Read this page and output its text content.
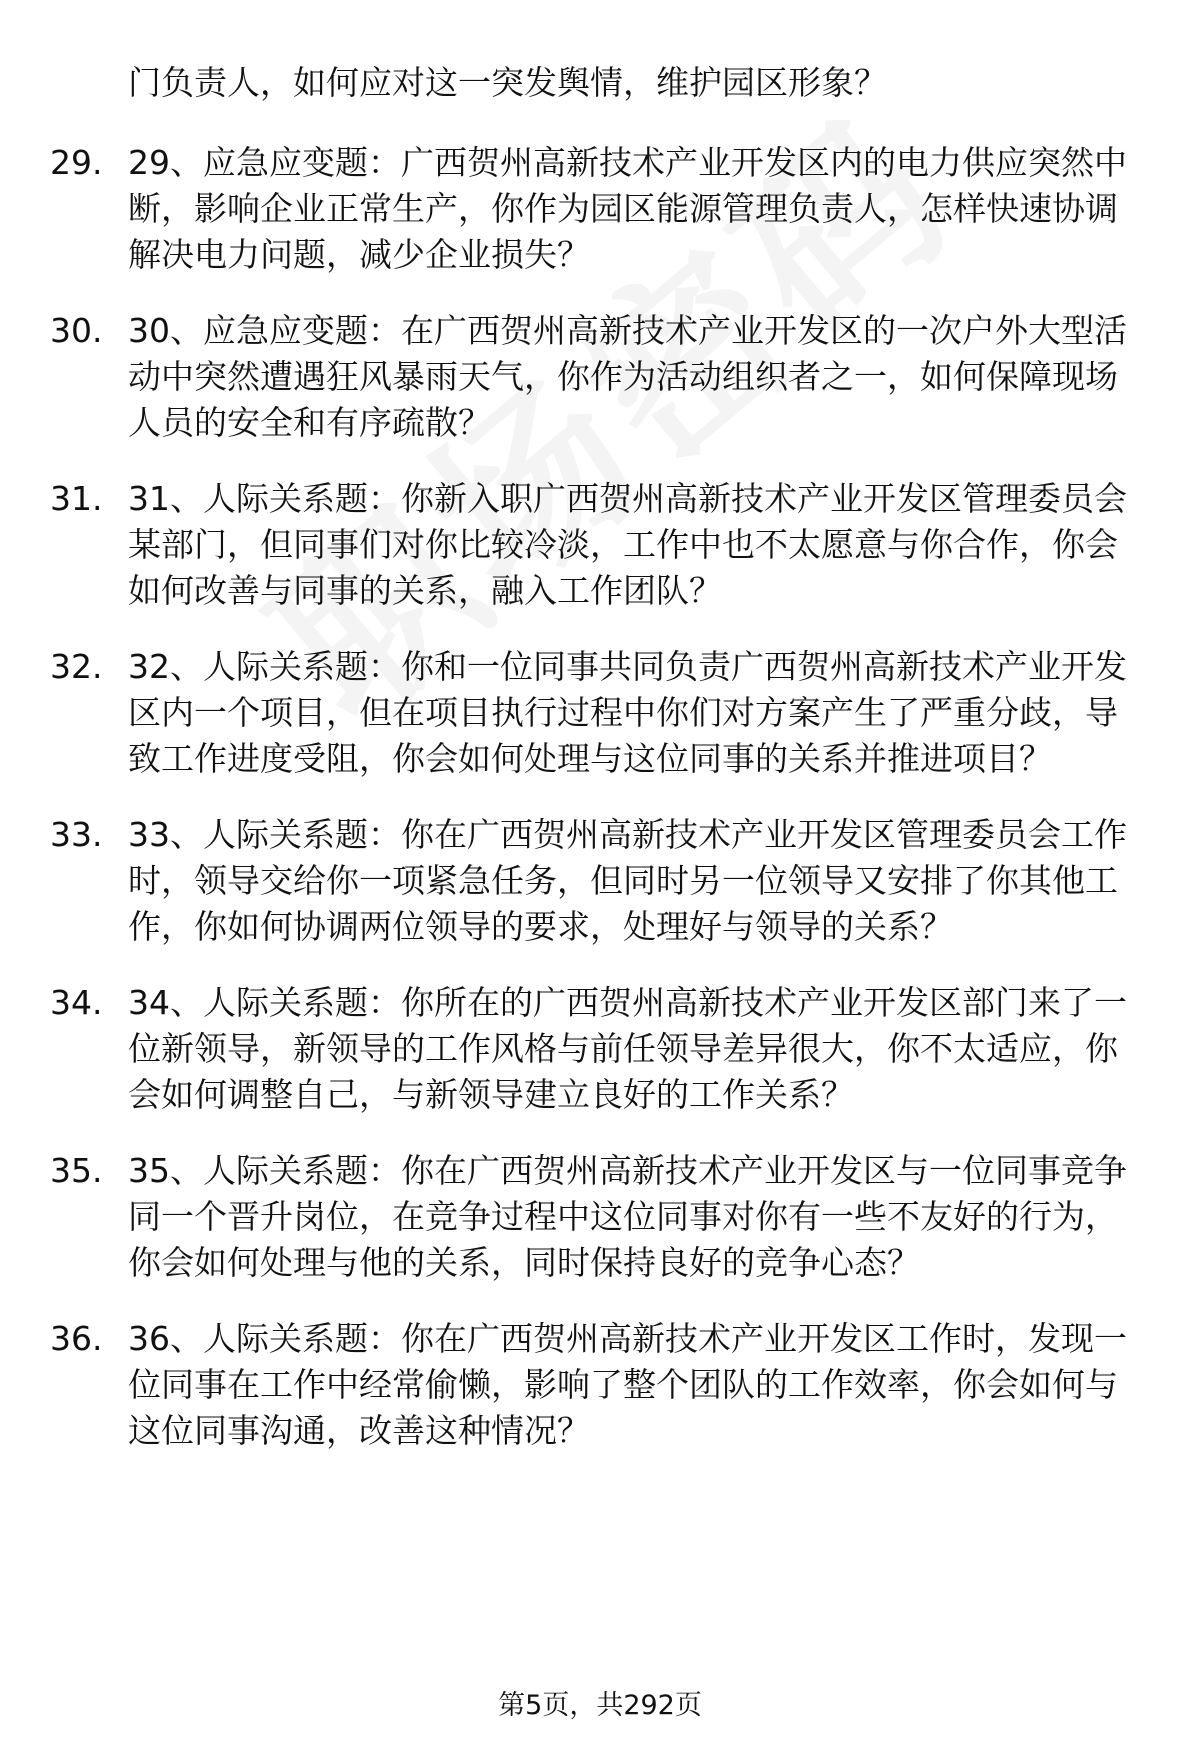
门负责人，如何应对这一突发舆情，维护园区形象？
29. 29、应急应变题：广西贺州高新技术产业开发区内的电力供应突然中断，影响企业正常生产，你作为园区能源管理负责人，怎样快速协调解决电力问题，减少企业损失？
30. 30、应急应变题：在广西贺州高新技术产业开发区的一次户外大型活动中突然遭遇狂风暴雨天气，你作为活动组织者之一，如何保障现场人员的安全和有序疏散？
31. 31、人际关系题：你新入职广西贺州高新技术产业开发区管理委员会某部门，但同事们对你比较冷淡，工作中也不太愿意与你合作，你会如何改善与同事的关系，融入工作团队？
32. 32、人际关系题：你和一位同事共同负责广西贺州高新技术产业开发区内一个项目，但在项目执行过程中你们对方案产生了严重分歧，导致工作进度受阻，你会如何处理与这位同事的关系并推进项目？
33. 33、人际关系题：你在广西贺州高新技术产业开发区管理委员会工作时，领导交给你一项紧急任务，但同时另一位领导又安排了你其他工作，你如何协调两位领导的要求，处理好与领导的关系？
34. 34、人际关系题：你所在的广西贺州高新技术产业开发区部门来了一位新领导，新领导的工作风格与前任领导差异很大，你不太适应，你会如何调整自己，与新领导建立良好的工作关系？
35. 35、人际关系题：你在广西贺州高新技术产业开发区与一位同事竞争同一个晋升岗位，在竞争过程中这位同事对你有一些不友好的行为，你会如何处理与他的关系，同时保持良好的竞争心态？
36. 36、人际关系题：你在广西贺州高新技术产业开发区工作时，发现一位同事在工作中经常偷懒，影响了整个团队的工作效率，你会如何与这位同事沟通，改善这种情况？
第5页，共292页
